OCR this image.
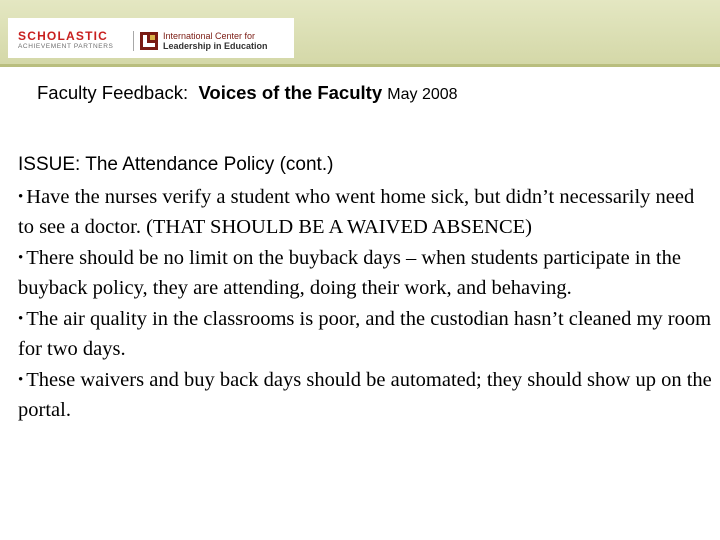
SCHOLASTIC
ACHIEVEMENT PARTNERS
International Center for
Leadership in Education
Faculty Feedback: Voices of the Faculty May 2008
ISSUE: The Attendance Policy (cont.)
• Have the nurses verify a student who went home sick, but didn’t necessarily need to see a doctor. (THAT SHOULD BE A WAIVED ABSENCE)
• There should be no limit on the buyback days – when students participate in the buyback policy, they are attending, doing their work, and behaving.
• The air quality in the classrooms is poor, and the custodian hasn’t cleaned my room for two days.
• These waivers and buy back days should be automated; they should show up on the portal.
